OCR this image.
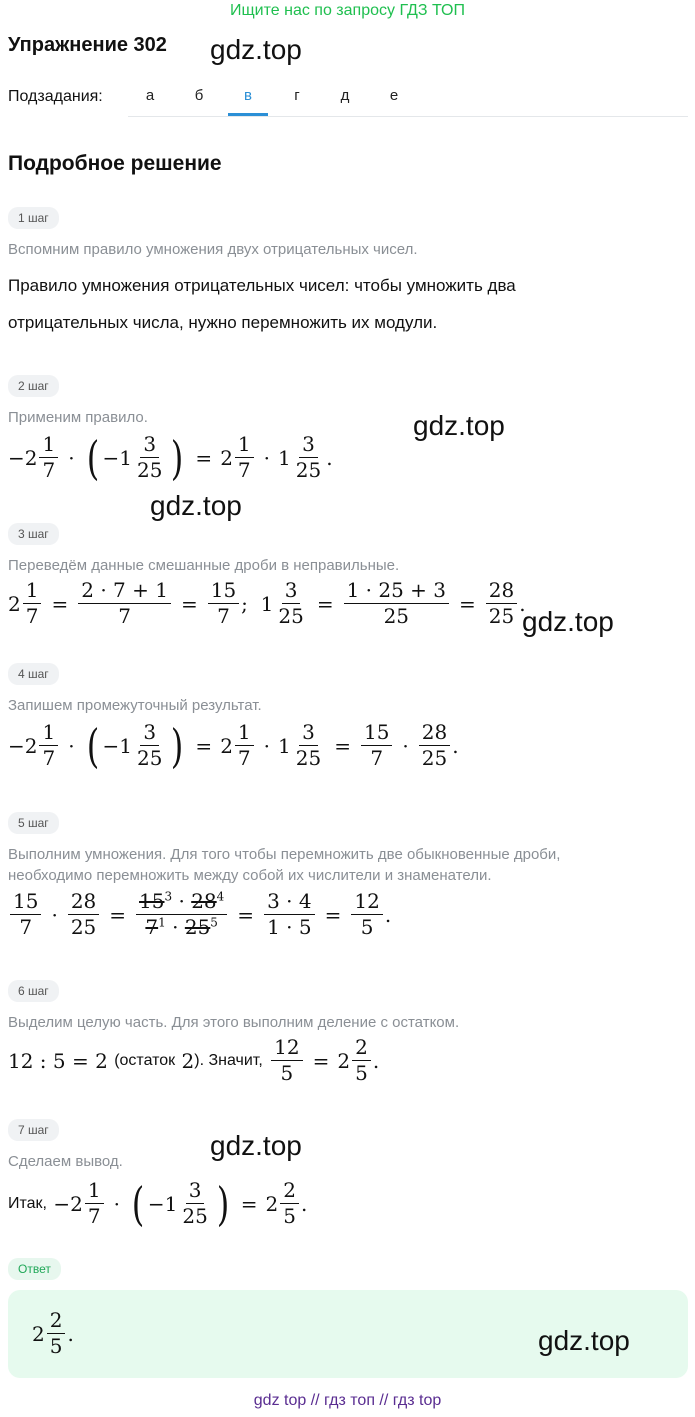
Ищите нас по запросу ГДЗ ТОП
Упражнение 302 gdz.top
Подзадания:	а	б	в	г	д	е
Подробное решение
1 шаг
Вспомним правило умножения двух отрицательных чисел.
Правило умножения отрицательных чисел: чтобы умножить два
отрицательных числа, нужно перемножить их модули.
2 шаг
Применим правило.	gdz.top
$-2 \frac{1}{7}$ · ( $-1 \frac{3}{25}$ ) = $2 \frac{1}{7} \cdot 1 \frac{3}{25}$ .
gdz.top
3 шаг
Переведём данные смешанные дроби в неправильные.
$2 \frac{1}{7} = \frac{2 \cdot 7 + 1}{7} = \frac{15}{7}$ ;  $1 \frac{3}{25} = \frac{1 \cdot 25 + 3}{25} = \frac{28}{25}$ .
gdz.top
4 шаг
Запишем промежуточный результат.
$-2 \frac{1}{7}$ · ( $-1 \frac{3}{25}$ ) = $2 \frac{1}{7} \cdot 1 \frac{3}{25} = \frac{15}{7} \cdot \frac{28}{25}$ .
5 шаг
Выполним умножения. Для того чтобы перемножить две обыкновенные дроби,
необходимо перемножить между собой их числители и знаменатели.
$\frac{15}{7} \cdot \frac{28}{25} = \frac{15^3 \cdot 28^4}{7^1 \cdot 25^5} = \frac{3 \cdot 4}{1 \cdot 5} = \frac{12}{5}$ .
6 шаг
Выделим целую часть. Для этого выполним деление с остатком.
12 : 5 = 2 (остаток
2 ). Значит,
$\frac{12}{5} = 2 \frac{2}{5}$ .
7 шаг	gdz.top
Сделаем вывод.
Итак, $-2 \frac{1}{7}$ · ( $-1 \frac{3}{25}$ ) = $2 \frac{2}{5}$ .
Ответ
$2 \frac{2}{5}$ .	gdz.top
gdz top // гдз топ // гдз top
